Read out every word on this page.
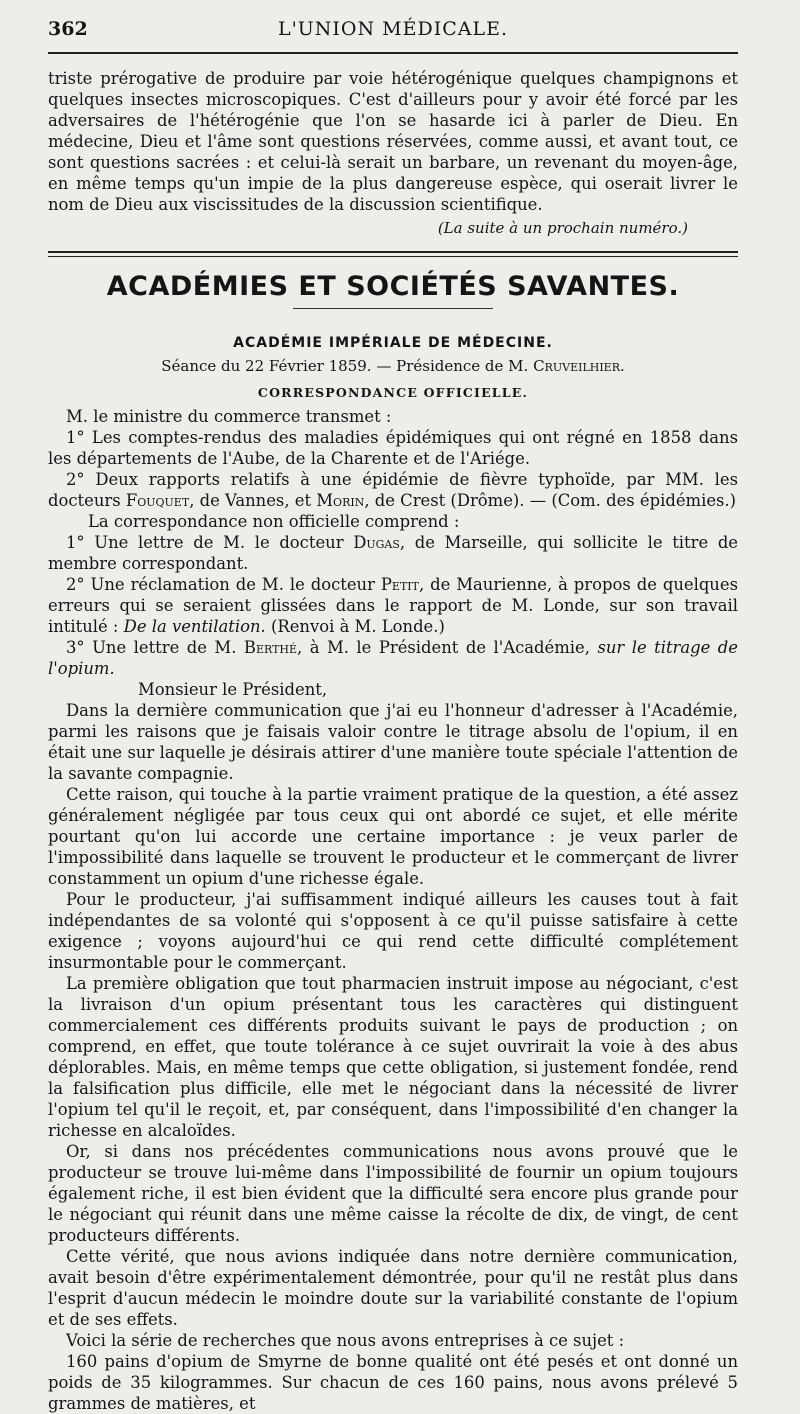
362	L'UNION MÉDICALE.

triste prérogative de produire par voie hétérogénique quelques champignons et quelques insectes microscopiques. C'est d'ailleurs pour y avoir été forcé par les adversaires de l'hétérogénie que l'on se hasarde ici à parler de Dieu. En médecine, Dieu et l'âme sont questions réservées, comme aussi, et avant tout, ce sont questions sacrées : et celui-là serait un barbare, un revenant du moyen-âge, en même temps qu'un impie de la plus dangereuse espèce, qui oserait livrer le nom de Dieu aux viscissitudes de la discussion scientifique.

(La suite à un prochain numéro.)

ACADÉMIES ET SOCIÉTÉS SAVANTES.
ACADÉMIE IMPÉRIALE DE MÉDECINE.
Séance du 22 Février 1859. — Présidence de M. Cruveilhier.
CORRESPONDANCE OFFICIELLE.

M. le ministre du commerce transmet :

1° Les comptes-rendus des maladies épidémiques qui ont régné en 1858 dans les départements de l'Aube, de la Charente et de l'Ariége.

2° Deux rapports relatifs à une épidémie de fièvre typhoïde, par MM. les docteurs Fouquet, de Vannes, et Morin, de Crest (Drôme). — (Com. des épidémies.)

La correspondance non officielle comprend :

1° Une lettre de M. le docteur Dugas, de Marseille, qui sollicite le titre de membre correspondant.

2° Une réclamation de M. le docteur Petit, de Maurienne, à propos de quelques erreurs qui se seraient glissées dans le rapport de M. Londe, sur son travail intitulé : De la ventilation. (Renvoi à M. Londe.)

3° Une lettre de M. Berthé, à M. le Président de l'Académie, sur le titrage de l'opium.

Monsieur le Président,

Dans la dernière communication que j'ai eu l'honneur d'adresser à l'Académie, parmi les raisons que je faisais valoir contre le titrage absolu de l'opium, il en était une sur laquelle je désirais attirer d'une manière toute spéciale l'attention de la savante compagnie.

Cette raison, qui touche à la partie vraiment pratique de la question, a été assez généralement négligée par tous ceux qui ont abordé ce sujet, et elle mérite pourtant qu'on lui accorde une certaine importance : je veux parler de l'impossibilité dans laquelle se trouvent le producteur et le commerçant de livrer constamment un opium d'une richesse égale.

Pour le producteur, j'ai suffisamment indiqué ailleurs les causes tout à fait indépendantes de sa volonté qui s'opposent à ce qu'il puisse satisfaire à cette exigence ; voyons aujourd'hui ce qui rend cette difficulté complétement insurmontable pour le commerçant.

La première obligation que tout pharmacien instruit impose au négociant, c'est la livraison d'un opium présentant tous les caractères qui distinguent commercialement ces différents produits suivant le pays de production ; on comprend, en effet, que toute tolérance à ce sujet ouvrirait la voie à des abus déplorables. Mais, en même temps que cette obligation, si justement fondée, rend la falsification plus difficile, elle met le négociant dans la nécessité de livrer l'opium tel qu'il le reçoit, et, par conséquent, dans l'impossibilité d'en changer la richesse en alcaloïdes.

Or, si dans nos précédentes communications nous avons prouvé que le producteur se trouve lui-même dans l'impossibilité de fournir un opium toujours également riche, il est bien évident que la difficulté sera encore plus grande pour le négociant qui réunit dans une même caisse la récolte de dix, de vingt, de cent producteurs différents.

Cette vérité, que nous avions indiquée dans notre dernière communication, avait besoin d'être expérimentalement démontrée, pour qu'il ne restât plus dans l'esprit d'aucun médecin le moindre doute sur la variabilité constante de l'opium et de ses effets.

Voici la série de recherches que nous avons entreprises à ce sujet :

160 pains d'opium de Smyrne de bonne qualité ont été pesés et ont donné un poids de 35 kilogrammes. Sur chacun de ces 160 pains, nous avons prélevé 5 grammes de matières, et
